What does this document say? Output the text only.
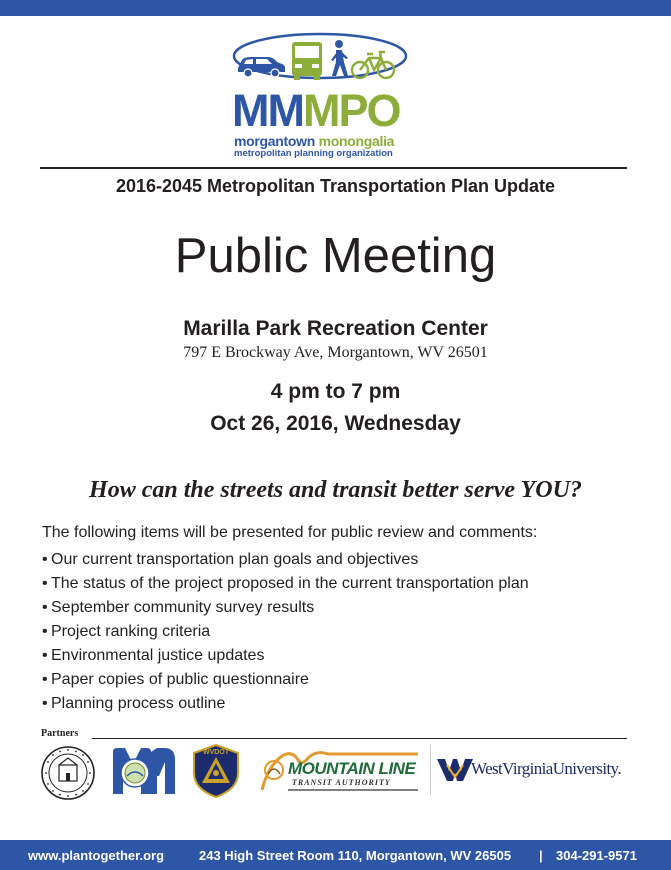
MMMPO
morgantown monongalia
metropolitan planning organization
2016-2045 Metropolitan Transportation Plan Update
Public Meeting
Marilla Park Recreation Center
797 E Brockway Ave, Morgantown, WV 26501
4 pm to 7 pm
Oct 26, 2016, Wednesday
How can the streets and transit better serve YOU?
The following items will be presented for public review and comments:
• Our current transportation plan goals and objectives
• The status of the project proposed in the current transportation plan
• September community survey results
• Project ranking criteria
• Environmental justice updates
• Paper copies of public questionnaire
• Planning process outline
Partners
WVDOT
MOUNTAIN LINE
TRANSIT AUTHORITY
WestVirginiaUniversity.
www.plantogether.org	243 High Street Room 110, Morgantown, WV 26505 | 304-291-9571
